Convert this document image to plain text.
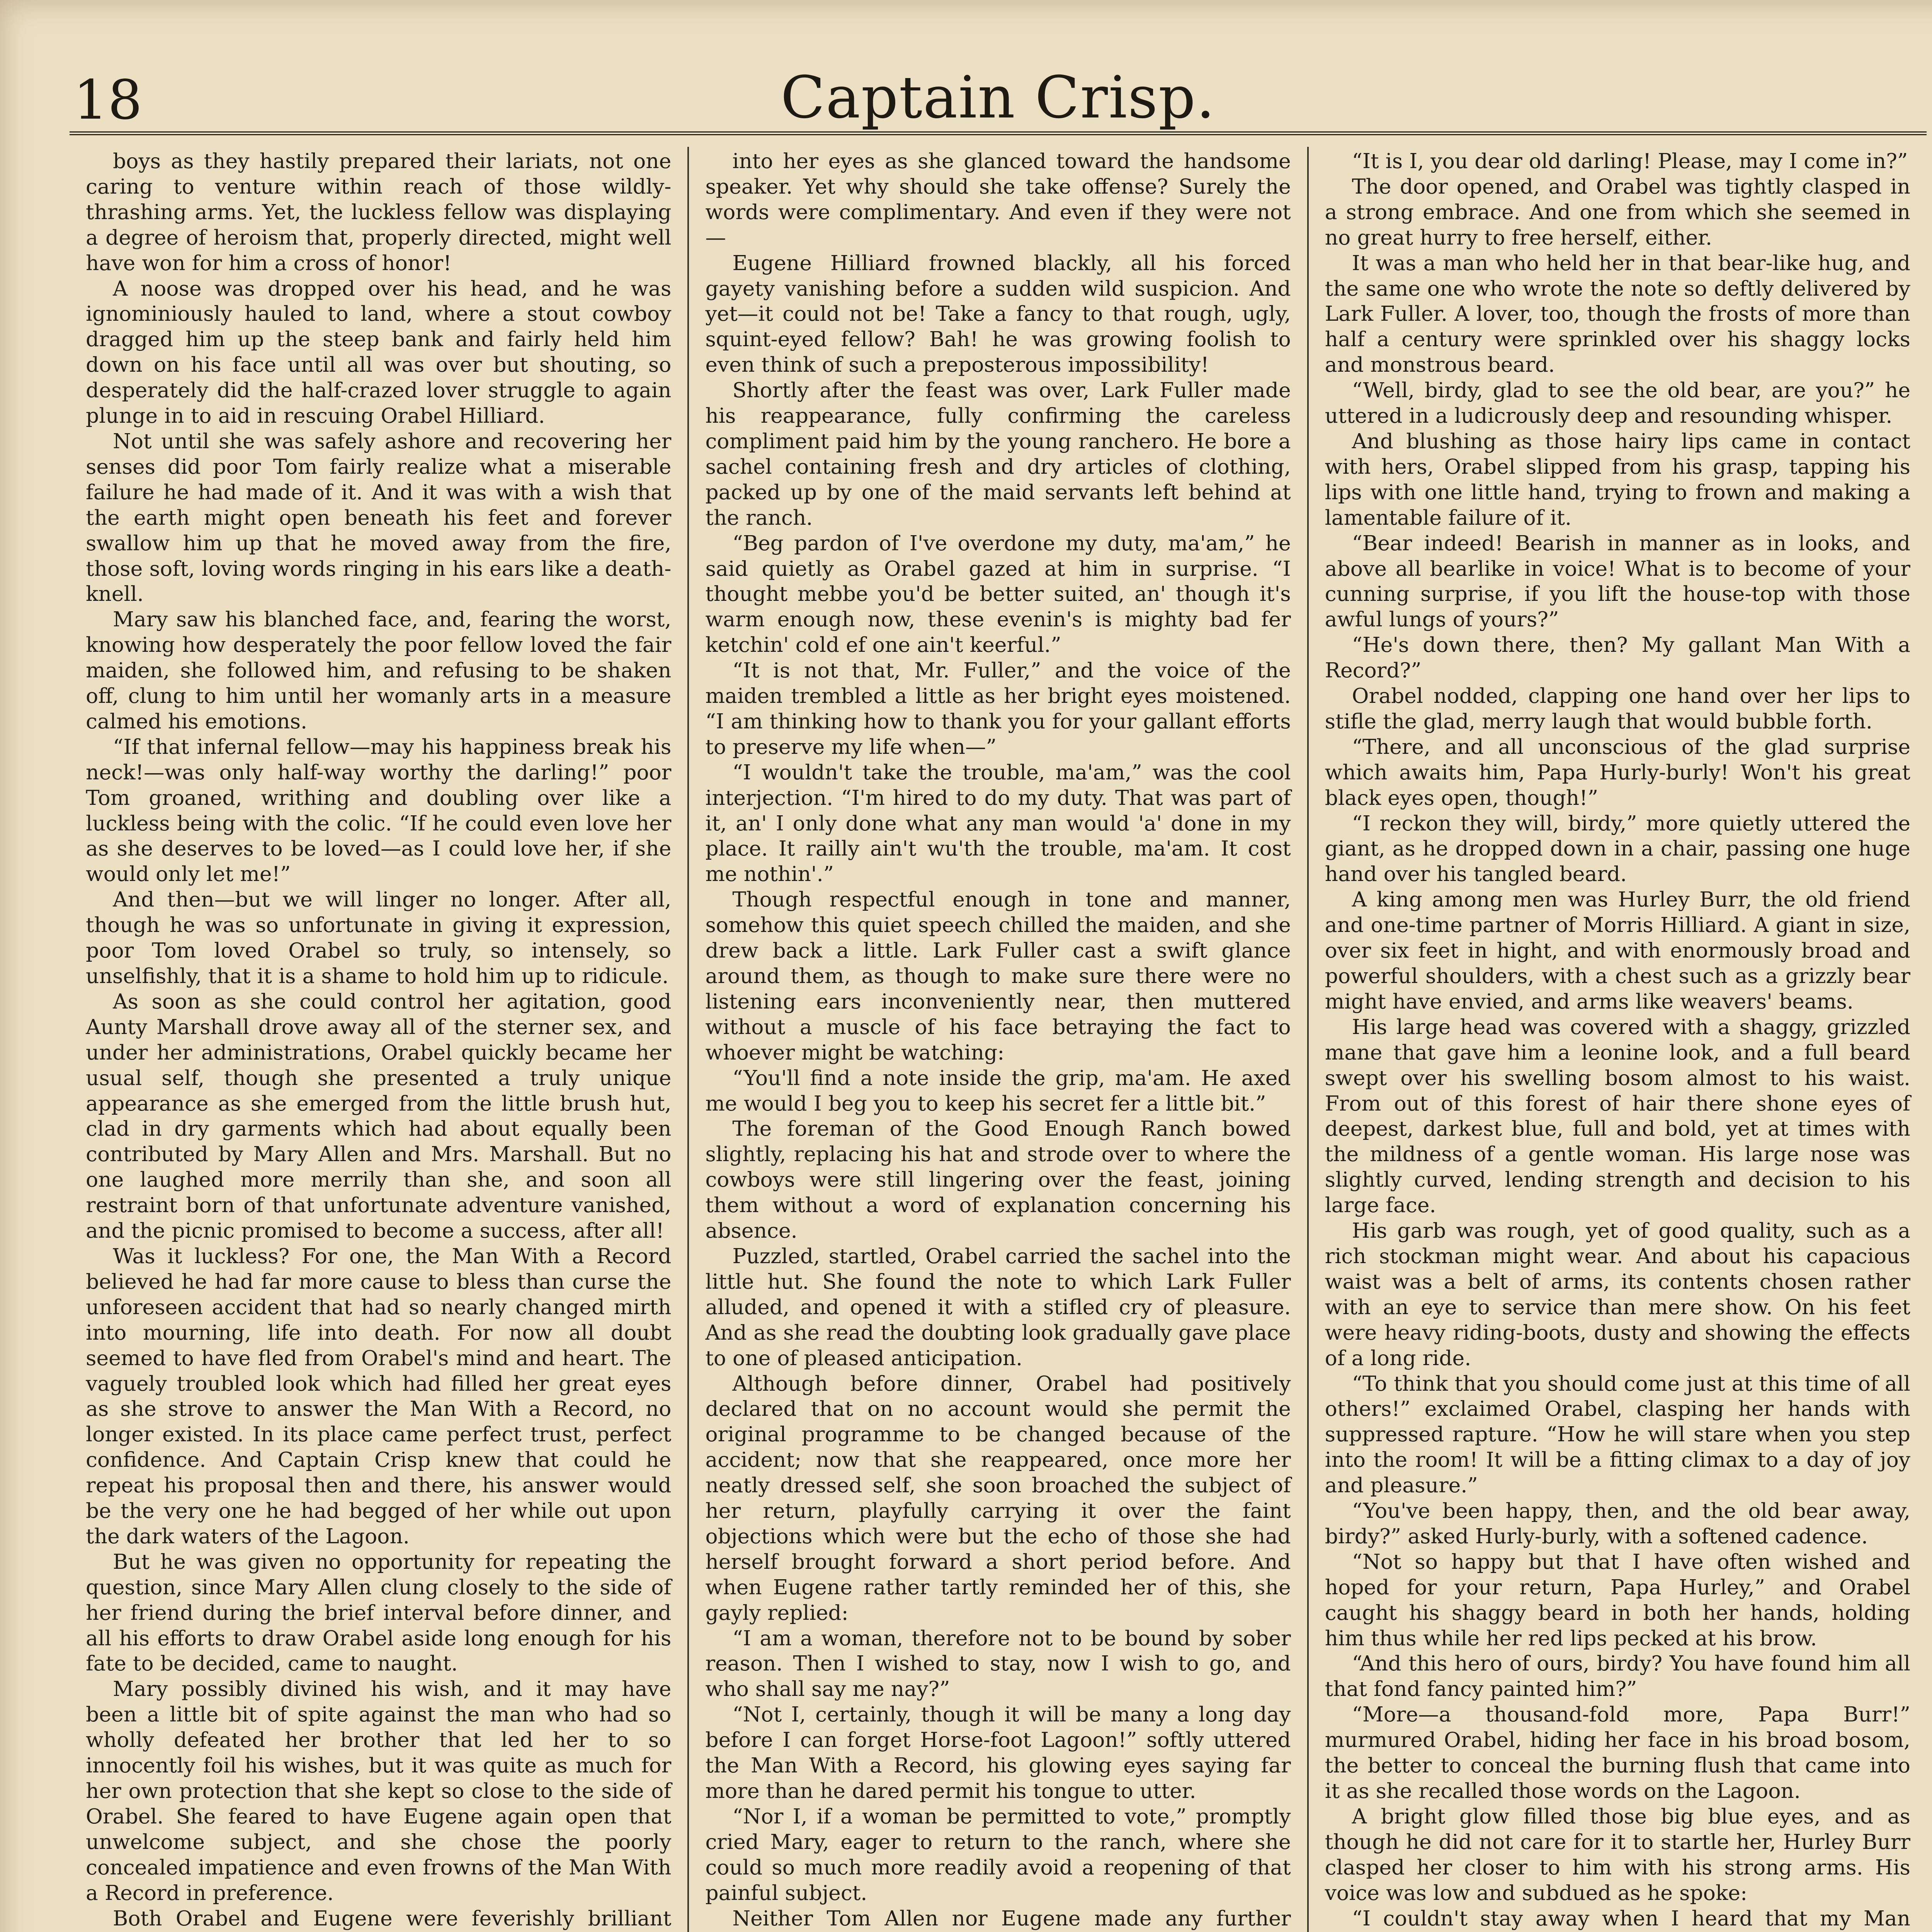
18	Captain Crisp.

boys as they hastily prepared their lariats, not one caring to venture within reach of those wildly-thrashing arms. Yet, the luckless fellow was displaying a degree of heroism that, properly directed, might well have won for him a cross of honor!

A noose was dropped over his head, and he was ignominiously hauled to land, where a stout cowboy dragged him up the steep bank and fairly held him down on his face until all was over but shouting, so desperately did the half-crazed lover struggle to again plunge in to aid in rescuing Orabel Hilliard.

Not until she was safely ashore and recovering her senses did poor Tom fairly realize what a miserable failure he had made of it. And it was with a wish that the earth might open beneath his feet and forever swallow him up that he moved away from the fire, those soft, loving words ringing in his ears like a death-knell.

Mary saw his blanched face, and, fearing the worst, knowing how desperately the poor fellow loved the fair maiden, she followed him, and refusing to be shaken off, clung to him until her womanly arts in a measure calmed his emotions.

“If that infernal fellow—may his happiness break his neck!—was only half-way worthy the darling!” poor Tom groaned, writhing and doubling over like a luckless being with the colic. “If he could even love her as she deserves to be loved—as I could love her, if she would only let me!”

And then—but we will linger no longer. After all, though he was so unfortunate in giving it expression, poor Tom loved Orabel so truly, so intensely, so unselfishly, that it is a shame to hold him up to ridicule.

As soon as she could control her agitation, good Aunty Marshall drove away all of the sterner sex, and under her administrations, Orabel quickly became her usual self, though she presented a truly unique appearance as she emerged from the little brush hut, clad in dry garments which had about equally been contributed by Mary Allen and Mrs. Marshall. But no one laughed more merrily than she, and soon all restraint born of that unfortunate adventure vanished, and the picnic promised to become a success, after all!

Was it luckless? For one, the Man With a Record believed he had far more cause to bless than curse the unforeseen accident that had so nearly changed mirth into mourning, life into death. For now all doubt seemed to have fled from Orabel's mind and heart. The vaguely troubled look which had filled her great eyes as she strove to answer the Man With a Record, no longer existed. In its place came perfect trust, perfect confidence. And Captain Crisp knew that could he repeat his proposal then and there, his answer would be the very one he had begged of her while out upon the dark waters of the Lagoon.

But he was given no opportunity for repeating the question, since Mary Allen clung closely to the side of her friend during the brief interval before dinner, and all his efforts to draw Orabel aside long enough for his fate to be decided, came to naught.

Mary possibly divined his wish, and it may have been a little bit of spite against the man who had so wholly defeated her brother that led her to so innocently foil his wishes, but it was quite as much for her own protection that she kept so close to the side of Orabel. She feared to have Eugene again open that unwelcome subject, and she chose the poorly concealed impatience and even frowns of the Man With a Record in preference.

Both Orabel and Eugene were feverishly brilliant

into her eyes as she glanced toward the handsome speaker. Yet why should she take offense? Surely the words were complimentary. And even if they were not—

Eugene Hilliard frowned blackly, all his forced gayety vanishing before a sudden wild suspicion. And yet—it could not be! Take a fancy to that rough, ugly, squint-eyed fellow? Bah! he was growing foolish to even think of such a preposterous impossibility!

Shortly after the feast was over, Lark Fuller made his reappearance, fully confirming the careless compliment paid him by the young ranchero. He bore a sachel containing fresh and dry articles of clothing, packed up by one of the maid servants left behind at the ranch.

“Beg pardon of I've overdone my duty, ma'am,” he said quietly as Orabel gazed at him in surprise. “I thought mebbe you'd be better suited, an' though it's warm enough now, these evenin's is mighty bad fer ketchin' cold ef one ain't keerful.”

“It is not that, Mr. Fuller,” and the voice of the maiden trembled a little as her bright eyes moistened. “I am thinking how to thank you for your gallant efforts to preserve my life when—”

“I wouldn't take the trouble, ma'am,” was the cool interjection. “I'm hired to do my duty. That was part of it, an' I only done what any man would 'a' done in my place. It railly ain't wu'th the trouble, ma'am. It cost me nothin'.”

Though respectful enough in tone and manner, somehow this quiet speech chilled the maiden, and she drew back a little. Lark Fuller cast a swift glance around them, as though to make sure there were no listening ears inconveniently near, then muttered without a muscle of his face betraying the fact to whoever might be watching:

“You'll find a note inside the grip, ma'am. He axed me would I beg you to keep his secret fer a little bit.”

The foreman of the Good Enough Ranch bowed slightly, replacing his hat and strode over to where the cowboys were still lingering over the feast, joining them without a word of explanation concerning his absence.

Puzzled, startled, Orabel carried the sachel into the little hut. She found the note to which Lark Fuller alluded, and opened it with a stifled cry of pleasure. And as she read the doubting look gradually gave place to one of pleased anticipation.

Although before dinner, Orabel had positively declared that on no account would she permit the original programme to be changed because of the accident; now that she reappeared, once more her neatly dressed self, she soon broached the subject of her return, playfully carrying it over the faint objections which were but the echo of those she had herself brought forward a short period before. And when Eugene rather tartly reminded her of this, she gayly replied:

“I am a woman, therefore not to be bound by sober reason. Then I wished to stay, now I wish to go, and who shall say me nay?”

“Not I, certainly, though it will be many a long day before I can forget Horse-foot Lagoon!” softly uttered the Man With a Record, his glowing eyes saying far more than he dared permit his tongue to utter.

“Nor I, if a woman be permitted to vote,” promptly cried Mary, eager to return to the ranch, where she could so much more readily avoid a reopening of that painful subject.

Neither Tom Allen nor Eugene made any further

“It is I, you dear old darling! Please, may I come in?”

The door opened, and Orabel was tightly clasped in a strong embrace. And one from which she seemed in no great hurry to free herself, either.

It was a man who held her in that bear-like hug, and the same one who wrote the note so deftly delivered by Lark Fuller. A lover, too, though the frosts of more than half a century were sprinkled over his shaggy locks and monstrous beard.

“Well, birdy, glad to see the old bear, are you?” he uttered in a ludicrously deep and resounding whisper.

And blushing as those hairy lips came in contact with hers, Orabel slipped from his grasp, tapping his lips with one little hand, trying to frown and making a lamentable failure of it.

“Bear indeed! Bearish in manner as in looks, and above all bearlike in voice! What is to become of your cunning surprise, if you lift the house-top with those awful lungs of yours?”

“He's down there, then? My gallant Man With a Record?”

Orabel nodded, clapping one hand over her lips to stifle the glad, merry laugh that would bubble forth.

“There, and all unconscious of the glad surprise which awaits him, Papa Hurly-burly! Won't his great black eyes open, though!”

“I reckon they will, birdy,” more quietly uttered the giant, as he dropped down in a chair, passing one huge hand over his tangled beard.

A king among men was Hurley Burr, the old friend and one-time partner of Morris Hilliard. A giant in size, over six feet in hight, and with enormously broad and powerful shoulders, with a chest such as a grizzly bear might have envied, and arms like weavers' beams.

His large head was covered with a shaggy, grizzled mane that gave him a leonine look, and a full beard swept over his swelling bosom almost to his waist. From out of this forest of hair there shone eyes of deepest, darkest blue, full and bold, yet at times with the mildness of a gentle woman. His large nose was slightly curved, lending strength and decision to his large face.

His garb was rough, yet of good quality, such as a rich stockman might wear. And about his capacious waist was a belt of arms, its contents chosen rather with an eye to service than mere show. On his feet were heavy riding-boots, dusty and showing the effects of a long ride.

“To think that you should come just at this time of all others!” exclaimed Orabel, clasping her hands with suppressed rapture. “How he will stare when you step into the room! It will be a fitting climax to a day of joy and pleasure.”

“You've been happy, then, and the old bear away, birdy?” asked Hurly-burly, with a softened cadence.

“Not so happy but that I have often wished and hoped for your return, Papa Hurley,” and Orabel caught his shaggy beard in both her hands, holding him thus while her red lips pecked at his brow.

“And this hero of ours, birdy? You have found him all that fond fancy painted him?”

“More—a thousand-fold more, Papa Burr!” murmured Orabel, hiding her face in his broad bosom, the better to conceal the burning flush that came into it as she recalled those words on the Lagoon.

A bright glow filled those big blue eyes, and as though he did not care for it to startle her, Hurley Burr clasped her closer to him with his strong arms. His voice was low and subdued as he spoke:

“I couldn't stay away when I heard that my Man
